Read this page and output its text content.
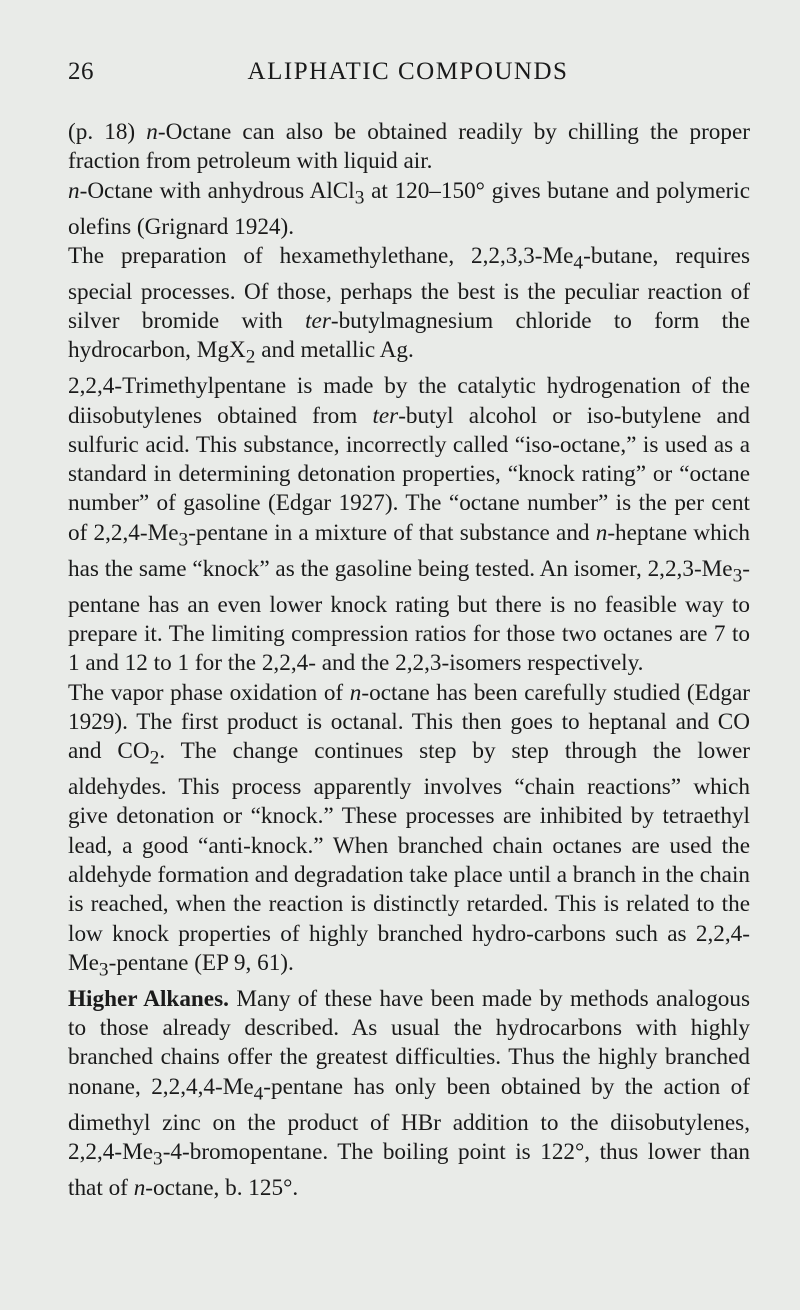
26	ALIPHATIC COMPOUNDS

(p. 18) n-Octane can also be obtained readily by chilling the proper fraction from petroleum with liquid air.

n-Octane with anhydrous AlCl$_3$ at 120–150° gives butane and polymeric olefins (Grignard 1924).

The preparation of hexamethylethane, $2,2,3,3-Me_4$-butane, requires special processes. Of those, perhaps the best is the peculiar reaction of silver bromide with ter-butylmagnesium chloride to form the hydrocarbon, MgX$_2$ and metallic Ag.

2,2,4-Trimethylpentane is made by the catalytic hydrogenation of the diisobutylenes obtained from ter-butyl alcohol or iso-butylene and sulfuric acid. This substance, incorrectly called “iso-octane,” is used as a standard in determining detonation properties, “knock rating” or “octane number” of gasoline (Edgar 1927). The “octane number” is the per cent of $2,2,4-Me_3$-pentane in a mixture of that substance and n-heptane which has the same “knock” as the gasoline being tested. An isomer, $2,2,3-Me_3$-pentane has an even lower knock rating but there is no feasible way to prepare it. The limiting compression ratios for those two octanes are 7 to 1 and 12 to 1 for the 2,2,4- and the 2,2,3-isomers respectively.

The vapor phase oxidation of n-octane has been carefully studied (Edgar 1929). The first product is octanal. This then goes to heptanal and CO and $CO_2$. The change continues step by step through the lower aldehydes. This process apparently involves “chain reactions” which give detonation or “knock.” These processes are inhibited by tetraethyl lead, a good “anti-knock.” When branched chain octanes are used the aldehyde formation and degradation take place until a branch in the chain is reached, when the reaction is distinctly retarded. This is related to the low knock properties of highly branched hydro-carbons such as $2,2,4-Me_3$-pentane (EP 9, 61).

Higher Alkanes. Many of these have been made by methods analogous to those already described. As usual the hydrocarbons with highly branched chains offer the greatest difficulties. Thus the highly branched nonane, $2,2,4,4-Me_4$-pentane has only been obtained by the action of dimethyl zinc on the product of HBr addition to the diisobutylenes, $2,2,4-Me_3-4$-bromopentane. The boiling point is 122°, thus lower than that of n-octane, b. 125°.
